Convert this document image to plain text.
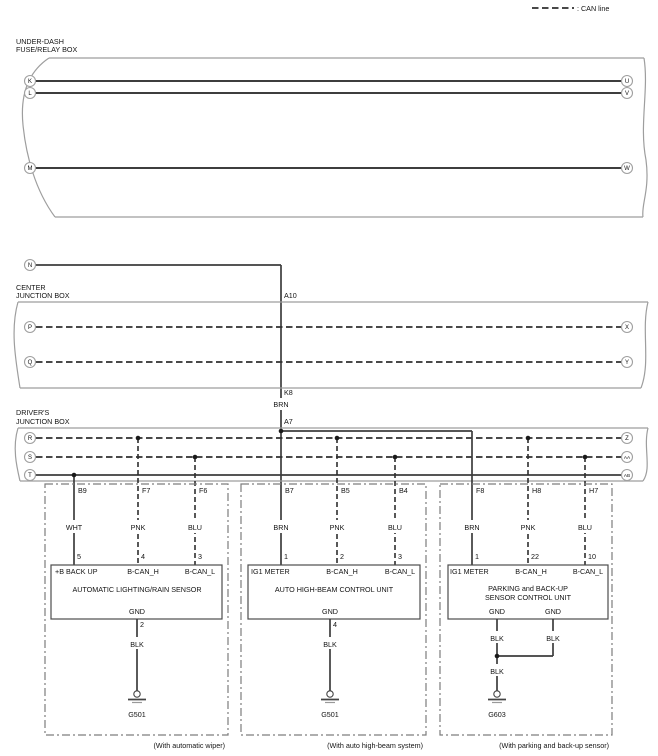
: CAN line
UNDER-DASH
FUSE/RELAY BOX
K
L
M
U
V
W
N
A10
CENTER
JUNCTION BOX
P
Q
X
Y
K8
BRN
A7
DRIVER'S
JUNCTION BOX
R
S
T
Z
AA
AB
B9	F7	F6	B7	B5	B4	F8	H8	H7
WHT	PNK	BLU	BRN	PNK	BLU	BRN	PNK	BLU
5	4	3	1	2	3	1	22	10
+B BACK UP	B-CAN_H	B-CAN_L	IG1 METER	B-CAN_H	B-CAN_L	IG1 METER	B-CAN_H	B-CAN_L
AUTOMATIC LIGHTING/RAIN SENSOR	AUTO HIGH-BEAM CONTROL UNIT	PARKING and BACK-UP
SENSOR CONTROL UNIT
GND	GND	GND	GND
2	4
BLK	BLK
BLK	BLK
BLK
G501	G501	G603
(With automatic wiper)	(With auto high-beam system)	(With parking and back-up sensor)
